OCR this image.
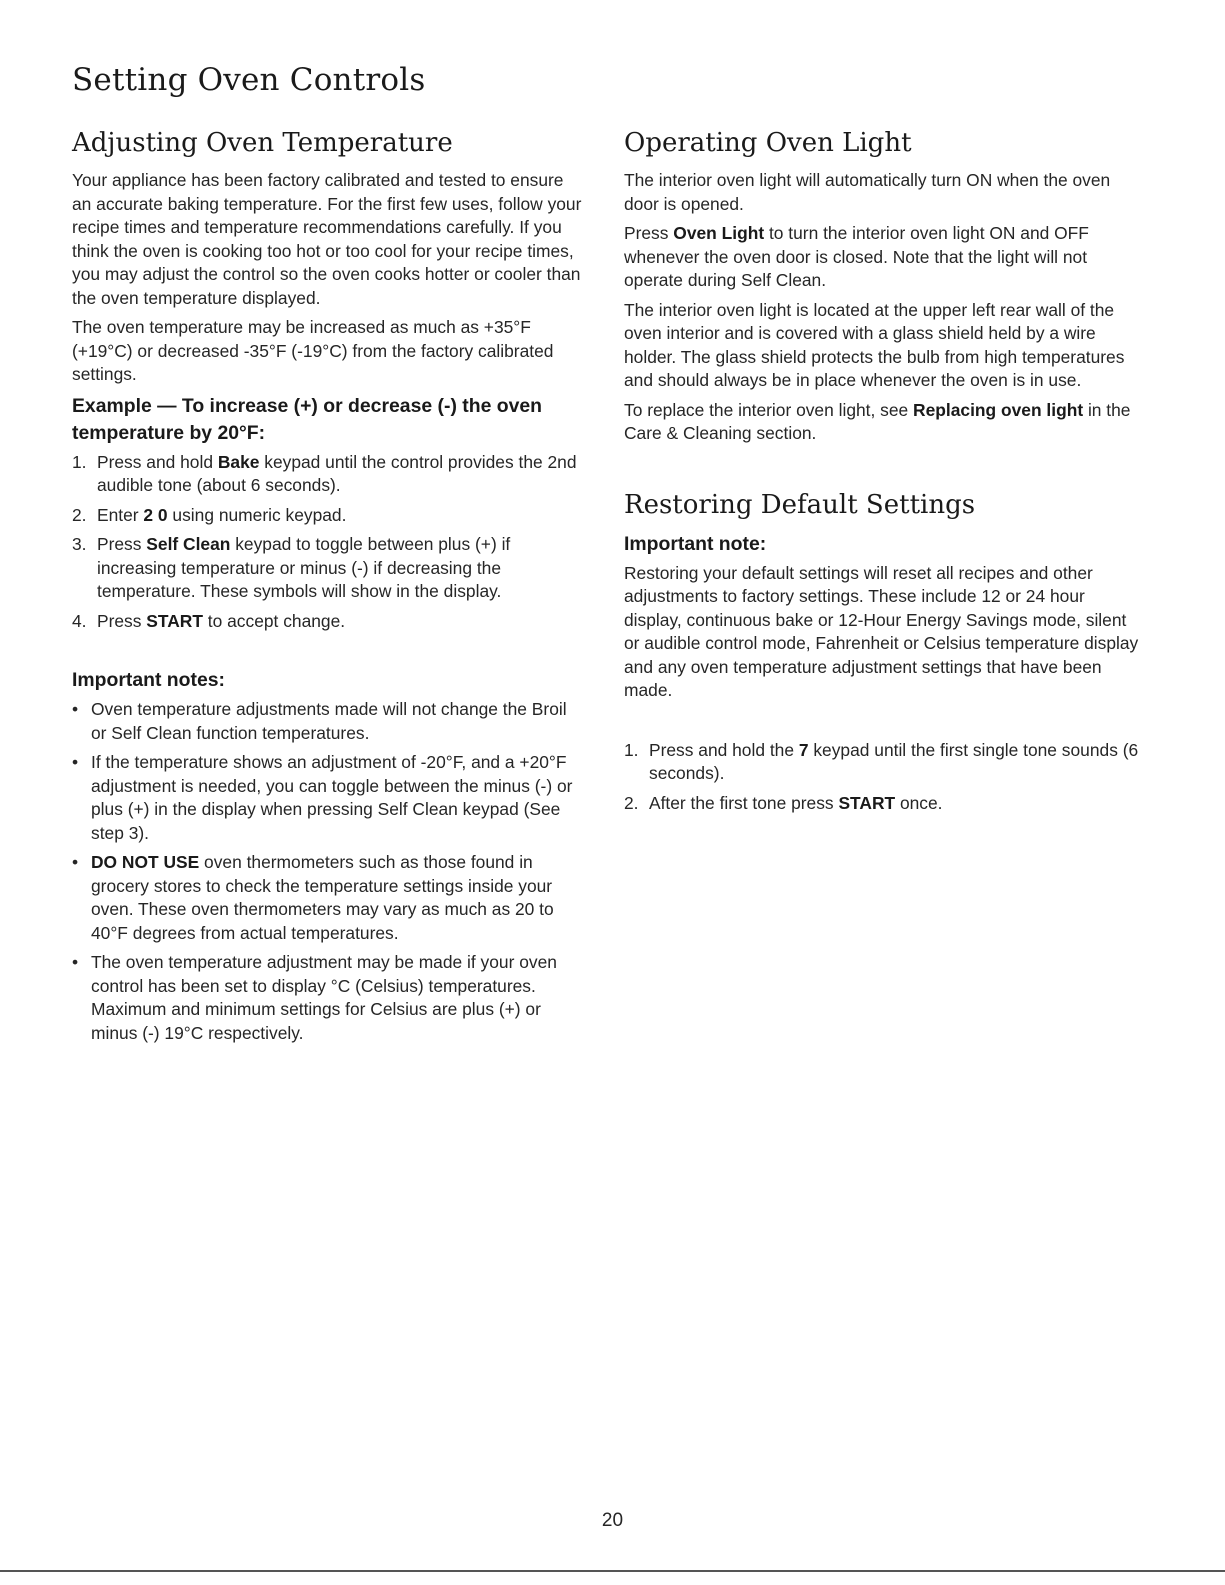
Setting Oven Controls
Adjusting Oven Temperature

Your appliance has been factory calibrated and tested to ensure an accurate baking temperature. For the first few uses, follow your recipe times and temperature recommendations carefully. If you think the oven is cooking too hot or too cool for your recipe times, you may adjust the control so the oven cooks hotter or cooler than the oven temperature displayed.

The oven temperature may be increased as much as +35°F (+19°C) or decreased -35°F (-19°C) from the factory calibrated settings.

Example — To increase (+) or decrease (-) the oven temperature by 20°F:
1. Press and hold Bake keypad until the control provides the 2nd audible tone (about 6 seconds).
2. Enter 2 0 using numeric keypad.
3. Press Self Clean keypad to toggle between plus (+) if increasing temperature or minus (-) if decreasing the temperature. These symbols will show in the display.
4. Press START to accept change.
Important notes:
• Oven temperature adjustments made will not change the Broil or Self Clean function temperatures.
• If the temperature shows an adjustment of -20°F, and a +20°F adjustment is needed, you can toggle between the minus (-) or plus (+) in the display when pressing Self Clean keypad (See step 3).
• DO NOT USE oven thermometers such as those found in grocery stores to check the temperature settings inside your oven. These oven thermometers may vary as much as 20 to 40°F degrees from actual temperatures.
• The oven temperature adjustment may be made if your oven control has been set to display °C (Celsius) temperatures. Maximum and minimum settings for Celsius are plus (+) or minus (-) 19°C respectively.
Operating Oven Light

The interior oven light will automatically turn ON when the oven door is opened.

Press Oven Light to turn the interior oven light ON and OFF whenever the oven door is closed. Note that the light will not operate during Self Clean.

The interior oven light is located at the upper left rear wall of the oven interior and is covered with a glass shield held by a wire holder. The glass shield protects the bulb from high temperatures and should always be in place whenever the oven is in use.

To replace the interior oven light, see Replacing oven light in the Care & Cleaning section.

Restoring Default Settings
Important note:

Restoring your default settings will reset all recipes and other adjustments to factory settings. These include 12 or 24 hour display, continuous bake or 12-Hour Energy Savings mode, silent or audible control mode, Fahrenheit or Celsius temperature display and any oven temperature adjustment settings that have been made.

1. Press and hold the 7 keypad until the first single tone sounds (6 seconds).
2. After the first tone press START once.
20
